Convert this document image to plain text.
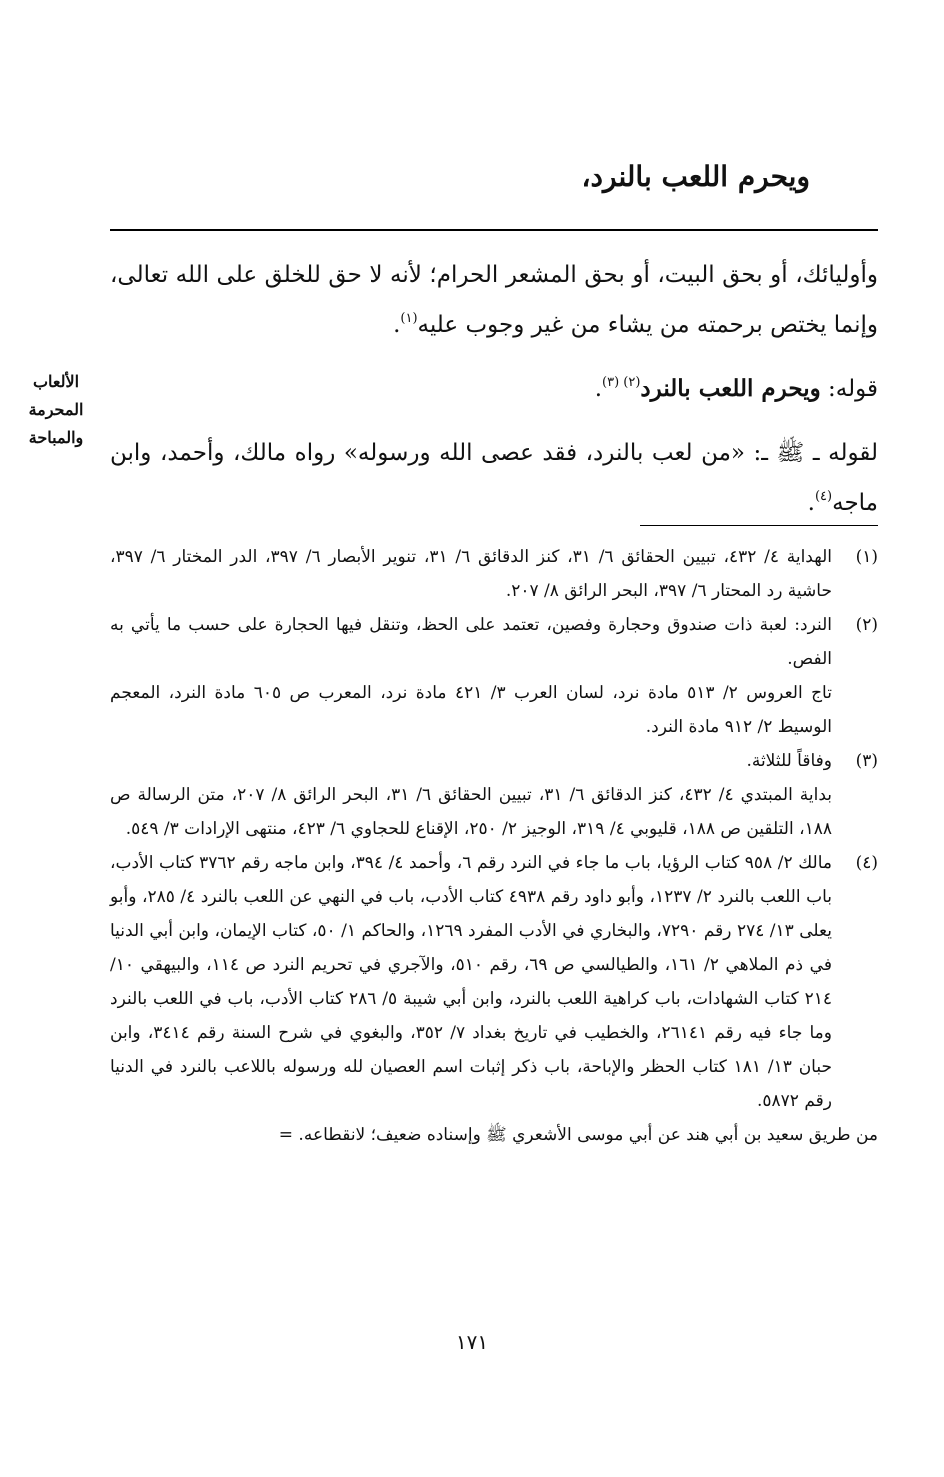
ويحرم اللعب بالنرد،

وأوليائك، أو بحق البيت، أو بحق المشعر الحرام؛ لأنه لا حق للخلق على الله تعالى، وإنما يختص برحمته من يشاء من غير وجوب عليه$^{(١)}$.

قوله: ويحرم اللعب بالنرد$^{(٢) (٣)}$.

لقوله ـ ﷺ ـ: «من لعب بالنرد، فقد عصى الله ورسوله» رواه مالك، وأحمد، وابن ماجه$^{(٤)}$.

الألعاب
المحرمة
والمباحة
(١)

الهداية ٤/ ٤٣٢، تبيين الحقائق ٦/ ٣١، كنز الدقائق ٦/ ٣١، تنوير الأبصار ٦/ ٣٩٧، الدر المختار ٦/ ٣٩٧، حاشية رد المحتار ٦/ ٣٩٧، البحر الرائق ٨/ ٢٠٧.

(٢)

النرد: لعبة ذات صندوق وحجارة وفصين، تعتمد على الحظ، وتنقل فيها الحجارة على حسب ما يأتي به الفص.

تاج العروس ٢/ ٥١٣ مادة نرد، لسان العرب ٣/ ٤٢١ مادة نرد، المعرب ص ٦٠٥ مادة النرد، المعجم الوسيط ٢/ ٩١٢ مادة النرد.

(٣)

وفاقاً للثلاثة.

بداية المبتدي ٤/ ٤٣٢، كنز الدقائق ٦/ ٣١، تبيين الحقائق ٦/ ٣١، البحر الرائق ٨/ ٢٠٧، متن الرسالة ص ١٨٨، التلقين ص ١٨٨، قليوبي ٤/ ٣١٩، الوجيز ٢/ ٢٥٠، الإقناع للحجاوي ٦/ ٤٢٣، منتهى الإرادات ٣/ ٥٤٩.

(٤)

مالك ٢/ ٩٥٨ كتاب الرؤيا، باب ما جاء في النرد رقم ٦، وأحمد ٤/ ٣٩٤، وابن ماجه رقم ٣٧٦٢ كتاب الأدب، باب اللعب بالنرد ٢/ ١٢٣٧، وأبو داود رقم ٤٩٣٨ كتاب الأدب، باب في النهي عن اللعب بالنرد ٤/ ٢٨٥، وأبو يعلى ١٣/ ٢٧٤ رقم ٧٢٩٠، والبخاري في الأدب المفرد ١٢٦٩، والحاكم ١/ ٥٠، كتاب الإيمان، وابن أبي الدنيا في ذم الملاهي ٢/ ١٦١، والطيالسي ص ٦٩، رقم ٥١٠، والآجري في تحريم النرد ص ١١٤، والبيهقي ١٠/ ٢١٤ كتاب الشهادات، باب كراهية اللعب بالنرد، وابن أبي شيبة ٥/ ٢٨٦ كتاب الأدب، باب في اللعب بالنرد وما جاء فيه رقم ٢٦١٤١، والخطيب في تاريخ بغداد ٧/ ٣٥٢، والبغوي في شرح السنة رقم ٣٤١٤، وابن حبان ١٣/ ١٨١ كتاب الحظر والإباحة، باب ذكر إثبات اسم العصيان لله ورسوله باللاعب بالنرد في الدنيا رقم ٥٨٧٢.

من طريق سعيد بن أبي هند عن أبي موسى الأشعري ﷺ وإسناده ضعيف؛ لانقطاعه. =

١٧١
